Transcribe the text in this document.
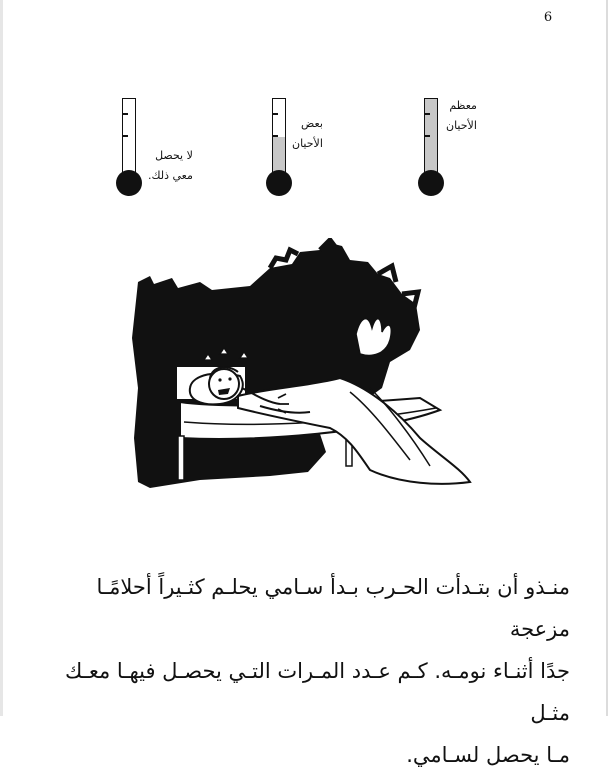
6
معظم
الأحيان
بعض
الأحيان
لا يحصل
معي ذلك.
منـذو أن بتـدأت الحـرب بـدأ سـامي يحلـم كثـيراً أحلامًـا مزعجة
جدًا أثنـاء نومـه. كـم عـدد المـرات التـي يحصـل فيهـا معـك مثـل
مـا يحصل لسـامي.
